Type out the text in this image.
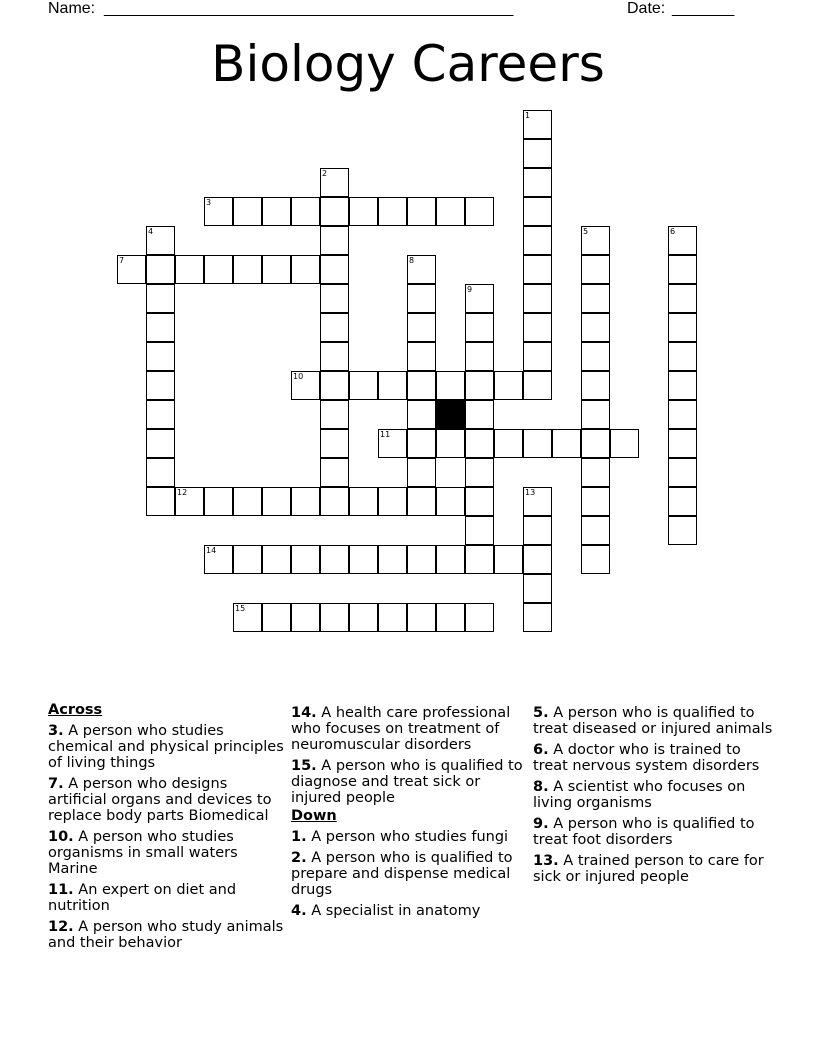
Name: ______________________________________________	Date: _______
Biology Careers
1
2
3
4	5	6
7	8
9
10
11
12	13
14
15
Across
3. A person who studies chemical and physical principles of living things
7. A person who designs artificial organs and devices to replace body parts Biomedical
10. A person who studies organisms in small waters Marine
11. An expert on diet and nutrition
12. A person who study animals and their behavior
14. A health care professional who focuses on treatment of neuromuscular disorders
15. A person who is qualified to diagnose and treat sick or injured people
Down
1. A person who studies fungi
2. A person who is qualified to prepare and dispense medical drugs
4. A specialist in anatomy
5. A person who is qualified to treat diseased or injured animals
6. A doctor who is trained to treat nervous system disorders
8. A scientist who focuses on living organisms
9. A person who is qualified to treat foot disorders
13. A trained person to care for sick or injured people
